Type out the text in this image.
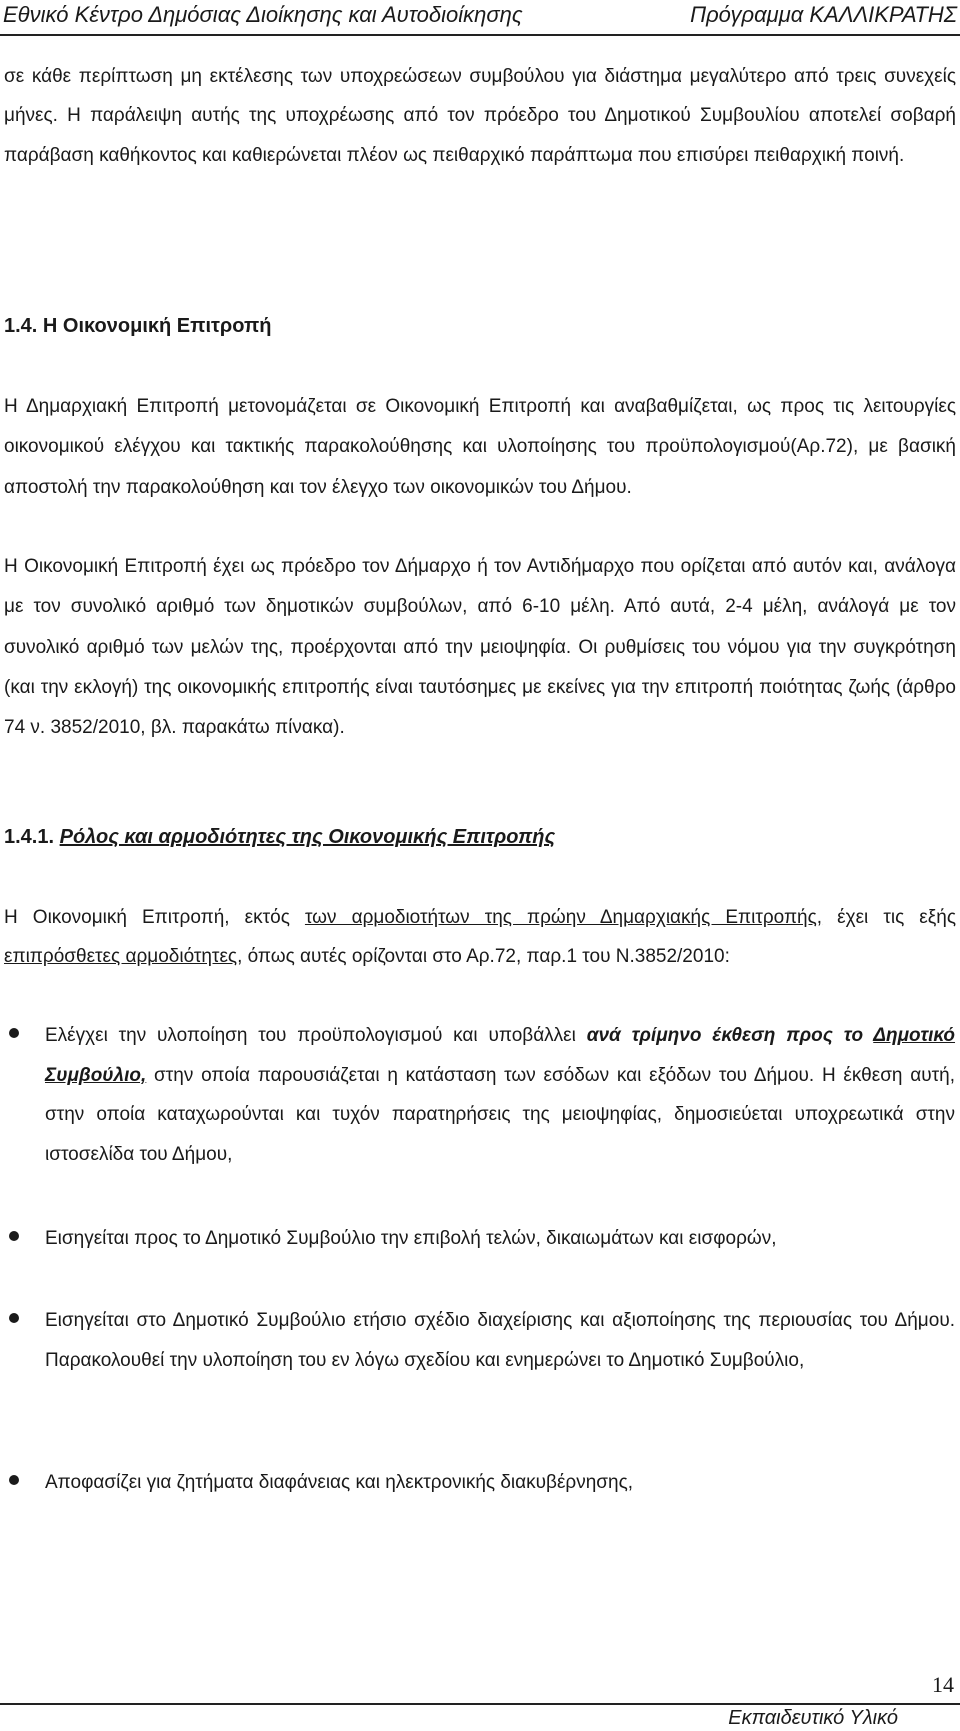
Εθνικό Κέντρο Δημόσιας Διοίκησης και Αυτοδιοίκησης	Πρόγραμμα ΚΑΛΛΙΚΡΑΤΗΣ

σε κάθε περίπτωση μη εκτέλεσης των υποχρεώσεων συμβούλου για διάστημα μεγαλύτερο από τρεις συνεχείς μήνες. Η παράλειψη αυτής της υποχρέωσης από τον πρόεδρο του Δημοτικού Συμβουλίου αποτελεί σοβαρή παράβαση καθήκοντος και καθιερώνεται πλέον ως πειθαρχικό παράπτωμα που επισύρει πειθαρχική ποινή.

1.4. Η Οικονομική Επιτροπή

Η Δημαρχιακή Επιτροπή μετονομάζεται σε Οικονομική Επιτροπή και αναβαθμίζεται, ως προς τις λειτουργίες οικονομικού ελέγχου και τακτικής παρακολούθησης και υλοποίησης του προϋπολογισμού(Αρ.72), με βασική αποστολή την παρακολούθηση και τον έλεγχο των οικονομικών του Δήμου.

Η Οικονομική Επιτροπή έχει ως πρόεδρο τον Δήμαρχο ή τον Αντιδήμαρχο που ορίζεται από αυτόν και, ανάλογα με τον συνολικό αριθμό των δημοτικών συμβούλων, από 6-10 μέλη. Από αυτά, 2-4 μέλη, ανάλογά με τον συνολικό αριθμό των μελών της, προέρχονται από την μειοψηφία. Οι ρυθμίσεις του νόμου για την συγκρότηση (και την εκλογή) της οικονομικής επιτροπής είναι ταυτόσημες με εκείνες για την επιτροπή ποιότητας ζωής (άρθρο 74 ν. 3852/2010, βλ. παρακάτω πίνακα).

1.4.1. Ρόλος και αρμοδιότητες της Οικονομικής Επιτροπής

Η Οικονομική Επιτροπή, εκτός των αρμοδιοτήτων της πρώην Δημαρχιακής Επιτροπής, έχει τις εξής επιπρόσθετες αρμοδιότητες, όπως αυτές ορίζονται στο Αρ.72, παρ.1 του Ν.3852/2010:

Ελέγχει την υλοποίηση του προϋπολογισμού και υποβάλλει ανά τρίμηνο έκθεση προς το Δημοτικό Συμβούλιο, στην οποία παρουσιάζεται η κατάσταση των εσόδων και εξόδων του Δήμου. Η έκθεση αυτή, στην οποία καταχωρούνται και τυχόν παρατηρήσεις της μειοψηφίας, δημοσιεύεται υποχρεωτικά στην ιστοσελίδα του Δήμου,

Εισηγείται προς το Δημοτικό Συμβούλιο την επιβολή τελών, δικαιωμάτων και εισφορών,

Εισηγείται στο Δημοτικό Συμβούλιο ετήσιο σχέδιο διαχείρισης και αξιοποίησης της περιουσίας του Δήμου. Παρακολουθεί την υλοποίηση του εν λόγω σχεδίου και ενημερώνει το Δημοτικό Συμβούλιο,

Αποφασίζει για ζητήματα διαφάνειας και ηλεκτρονικής διακυβέρνησης,

14
Εκπαιδευτικό Υλικό
